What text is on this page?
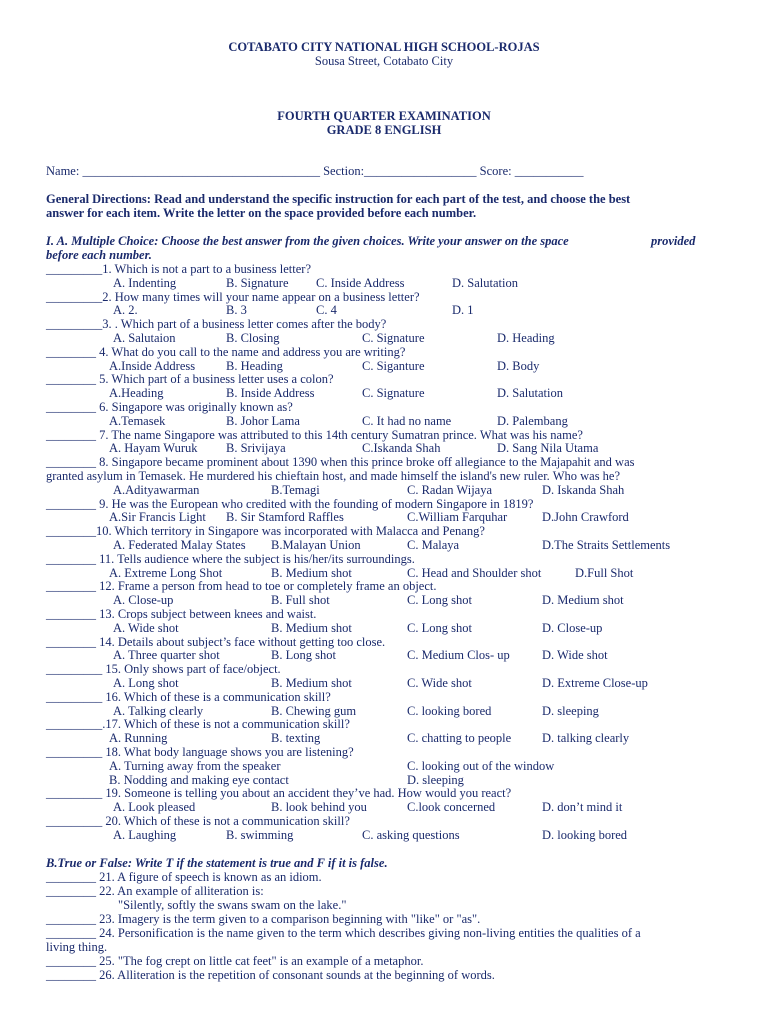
COTABATO CITY NATIONAL HIGH SCHOOL-ROJAS
Sousa Street, Cotabato City
FOURTH QUARTER EXAMINATION
GRADE 8 ENGLISH
Name: ______________________________________ Section:__________________ Score: ___________
General Directions: Read and understand the specific instruction for each part of the test, and choose the best
answer for each item. Write the letter on the space provided before each number.
I. A. Multiple Choice: Choose the best answer from the given choices. Write your answer on the space	provided
before each number.
_________1. Which is not a part to a business letter?
A. Indenting	B. Signature C. Inside Address	D. Salutation
_________2. How many times will your name appear on a business letter?
A. 2.	B. 3	C. 4	D. 1
_________3. . Which part of a business letter comes after the body?
A. Salutaion	B. Closing	C. Signature	D. Heading
________ 4. What do you call to the name and address you are writing?
A.Inside Address B. Heading	C. Siganture	D. Body
________ 5. Which part of a business letter uses a colon?
A.Heading	B. Inside Address	C. Signature	D. Salutation
________ 6. Singapore was originally known as?
A.Temasek	B. Johor Lama	C. It had no name	D. Palembang
________ 7. The name Singapore was attributed to this 14th century Sumatran prince. What was his name?
A. Hayam Wuruk B. Srivijaya	C.Iskanda Shah	D. Sang Nila Utama
________ 8. Singapore became prominent about 1390 when this prince broke off allegiance to the Majapahit and was
granted asylum in Temasek. He murdered his chieftain host, and made himself the island's new ruler. Who was he?
A.Adityawarman	B.Temagi	C. Radan Wijaya	D. Iskanda Shah
________ 9. He was the European who credited with the founding of modern Singapore in 1819?
A.Sir Francis Light B. Sir Stamford Raffles	C.William Farquhar	D.John Crawford
________10. Which territory in Singapore was incorporated with Malacca and Penang?
A. Federated Malay States B.Malayan Union	C. Malaya	D.The Straits Settlements
________ 11. Tells audience where the subject is his/her/its surroundings.
A. Extreme Long Shot	B. Medium shot	C. Head and Shoulder shot	D.Full Shot
________ 12. Frame a person from head to toe or completely frame an object.
A. Close-up	B. Full shot	C. Long shot	D. Medium shot
________ 13. Crops subject between knees and waist.
A. Wide shot	B. Medium shot	C. Long shot	D. Close-up
________ 14. Details about subject’s face without getting too close.
A. Three quarter shot	B. Long shot	C. Medium Clos- up	D. Wide shot
_________ 15. Only shows part of face/object.
A. Long shot	B. Medium shot	C. Wide shot	D. Extreme Close-up
_________ 16. Which of these is a communication skill?
A. Talking clearly	B. Chewing gum	C. looking bored	D. sleeping
_________.17. Which of these is not a communication skill?
A. Running	B. texting	C. chatting to people D. talking clearly
_________ 18. What body language shows you are listening?
A. Turning away from the speaker	C. looking out of the window
B. Nodding and making eye contact	D. sleeping
_________ 19. Someone is telling you about an accident they’ve had. How would you react?
A. Look pleased	B. look behind you	C.look concerned	D. don’t mind it
_________ 20. Which of these is not a communication skill?
A. Laughing	B. swimming	C. asking questions	D. looking bored
B.True or False: Write T if the statement is true and F if it is false.
________ 21. A figure of speech is known as an idiom.
________ 22. An example of alliteration is:
"Silently, softly the swans swam on the lake."
________ 23. Imagery is the term given to a comparison beginning with "like" or "as".
________ 24. Personification is the name given to the term which describes giving non-living entities the qualities of a
living thing.
________ 25. "The fog crept on little cat feet" is an example of a metaphor.
________ 26. Alliteration is the repetition of consonant sounds at the beginning of words.
